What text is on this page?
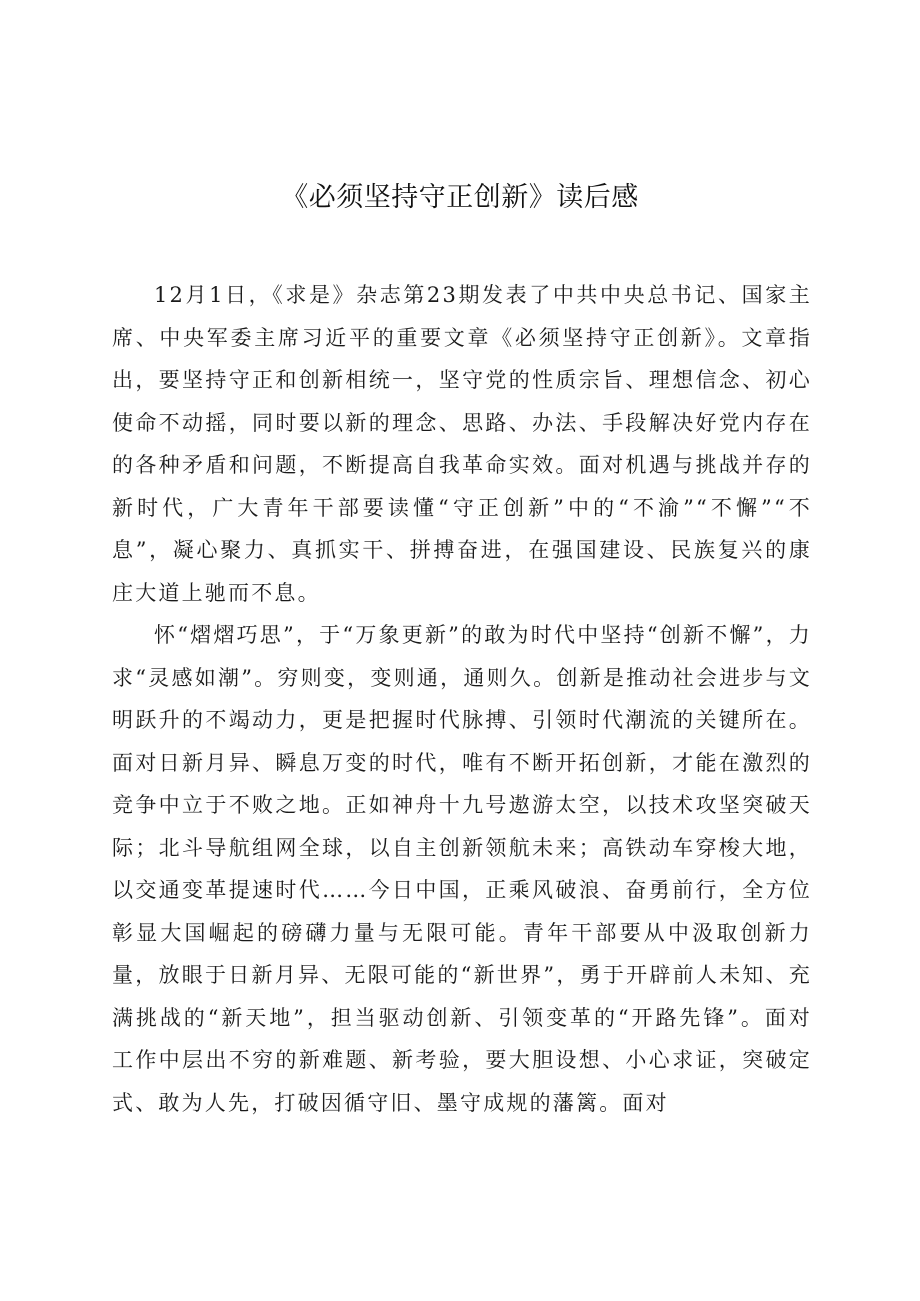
《必须坚持守正创新》读后感

12月1日，《求是》杂志第23期发表了中共中央总书记、国家主席、中央军委主席习近平的重要文章《必须坚持守正创新》。文章指出，要坚持守正和创新相统一，坚守党的性质宗旨、理想信念、初心使命不动摇，同时要以新的理念、思路、办法、手段解决好党内存在的各种矛盾和问题，不断提高自我革命实效。面对机遇与挑战并存的新时代，广大青年干部要读懂“守正创新”中的“不渝”“不懈”“不息”，凝心聚力、真抓实干、拼搏奋进，在强国建设、民族复兴的康庄大道上驰而不息。

怀“熠熠巧思”，于“万象更新”的敢为时代中坚持“创新不懈”，力求“灵感如潮”。穷则变，变则通，通则久。创新是推动社会进步与文明跃升的不竭动力，更是把握时代脉搏、引领时代潮流的关键所在。面对日新月异、瞬息万变的时代，唯有不断开拓创新，才能在激烈的竞争中立于不败之地。正如神舟十九号遨游太空，以技术攻坚突破天际；北斗导航组网全球，以自主创新领航未来；高铁动车穿梭大地，以交通变革提速时代……今日中国，正乘风破浪、奋勇前行，全方位彰显大国崛起的磅礴力量与无限可能。青年干部要从中汲取创新力量，放眼于日新月异、无限可能的“新世界”，勇于开辟前人未知、充满挑战的“新天地”，担当驱动创新、引领变革的“开路先锋”。面对工作中层出不穷的新难题、新考验，要大胆设想、小心求证，突破定式、敢为人先，打破因循守旧、墨守成规的藩篱。面对
